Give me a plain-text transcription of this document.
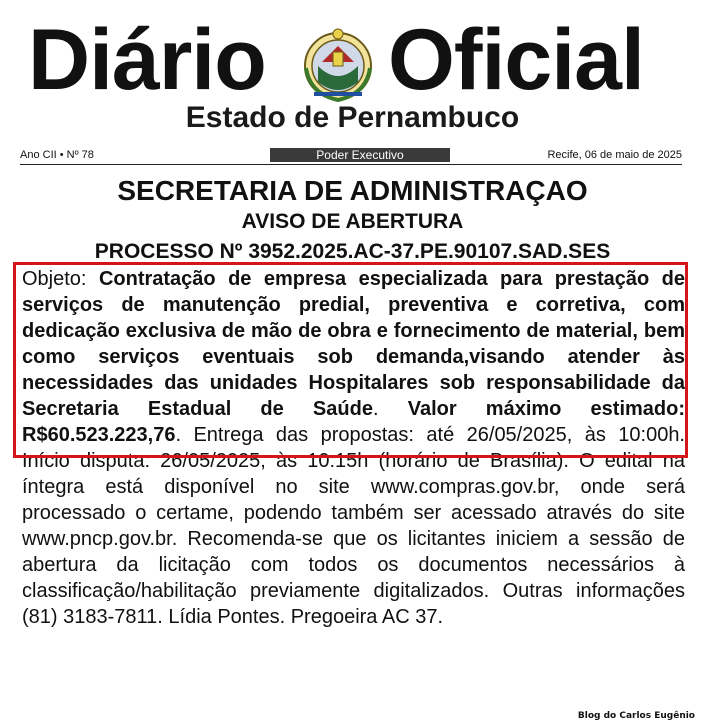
Diário Oficial
Estado de Pernambuco
Ano CII • Nº 78	Poder Executivo	Recife, 06 de maio de 2025
SECRETARIA DE ADMINISTRAÇAO
AVISO DE ABERTURA
PROCESSO Nº 3952.2025.AC-37.PE.90107.SAD.SES
Objeto: Contratação de empresa especializada para prestação de serviços de manutenção predial, preventiva e corretiva, com dedicação exclusiva de mão de obra e fornecimento de material, bem como serviços eventuais sob demanda,visando atender às necessidades das unidades Hospitalares sob responsabilidade da Secretaria Estadual de Saúde. Valor máximo estimado: R$60.523.223,76. Entrega das propostas: até 26/05/2025, às 10:00h. Início disputa: 26/05/2025, às 10:15h (horário de Brasília). O edital na íntegra está disponível no site www.compras.gov.br, onde será processado o certame, podendo também ser acessado através do site www.pncp.gov.br. Recomenda-se que os licitantes iniciem a sessão de abertura da licitação com todos os documentos necessários à classificação/habilitação previamente digitalizados. Outras informações (81) 3183-7811. Lídia Pontes. Pregoeira AC 37.
Blog do Carlos Eugênio
